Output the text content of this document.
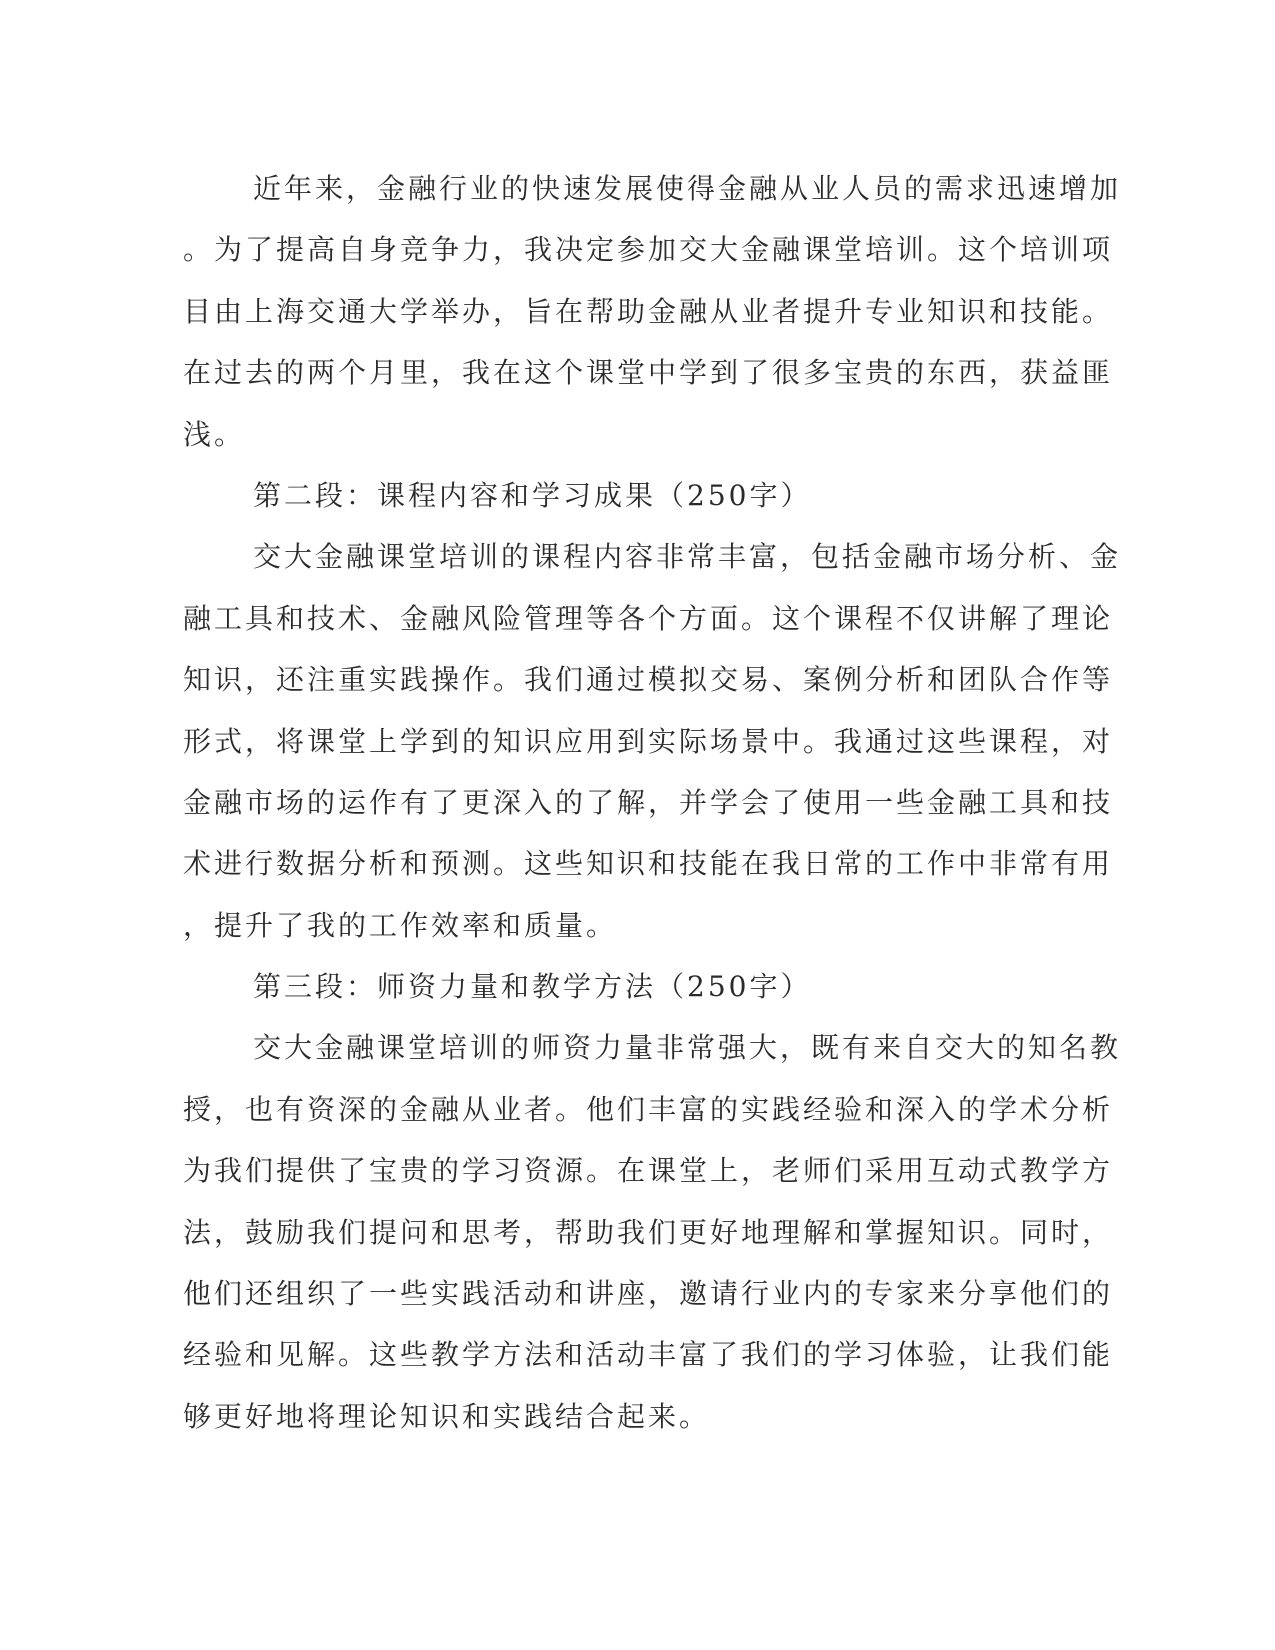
近年来，金融行业的快速发展使得金融从业人员的需求迅速增加
。为了提高自身竞争力，我决定参加交大金融课堂培训。这个培训项
目由上海交通大学举办，旨在帮助金融从业者提升专业知识和技能。
在过去的两个月里，我在这个课堂中学到了很多宝贵的东西，获益匪
浅。
第二段：课程内容和学习成果（250字）
交大金融课堂培训的课程内容非常丰富，包括金融市场分析、金
融工具和技术、金融风险管理等各个方面。这个课程不仅讲解了理论
知识，还注重实践操作。我们通过模拟交易、案例分析和团队合作等
形式，将课堂上学到的知识应用到实际场景中。我通过这些课程，对
金融市场的运作有了更深入的了解，并学会了使用一些金融工具和技
术进行数据分析和预测。这些知识和技能在我日常的工作中非常有用
，提升了我的工作效率和质量。
第三段：师资力量和教学方法（250字）
交大金融课堂培训的师资力量非常强大，既有来自交大的知名教
授，也有资深的金融从业者。他们丰富的实践经验和深入的学术分析
为我们提供了宝贵的学习资源。在课堂上，老师们采用互动式教学方
法，鼓励我们提问和思考，帮助我们更好地理解和掌握知识。同时，
他们还组织了一些实践活动和讲座，邀请行业内的专家来分享他们的
经验和见解。这些教学方法和活动丰富了我们的学习体验，让我们能
够更好地将理论知识和实践结合起来。
